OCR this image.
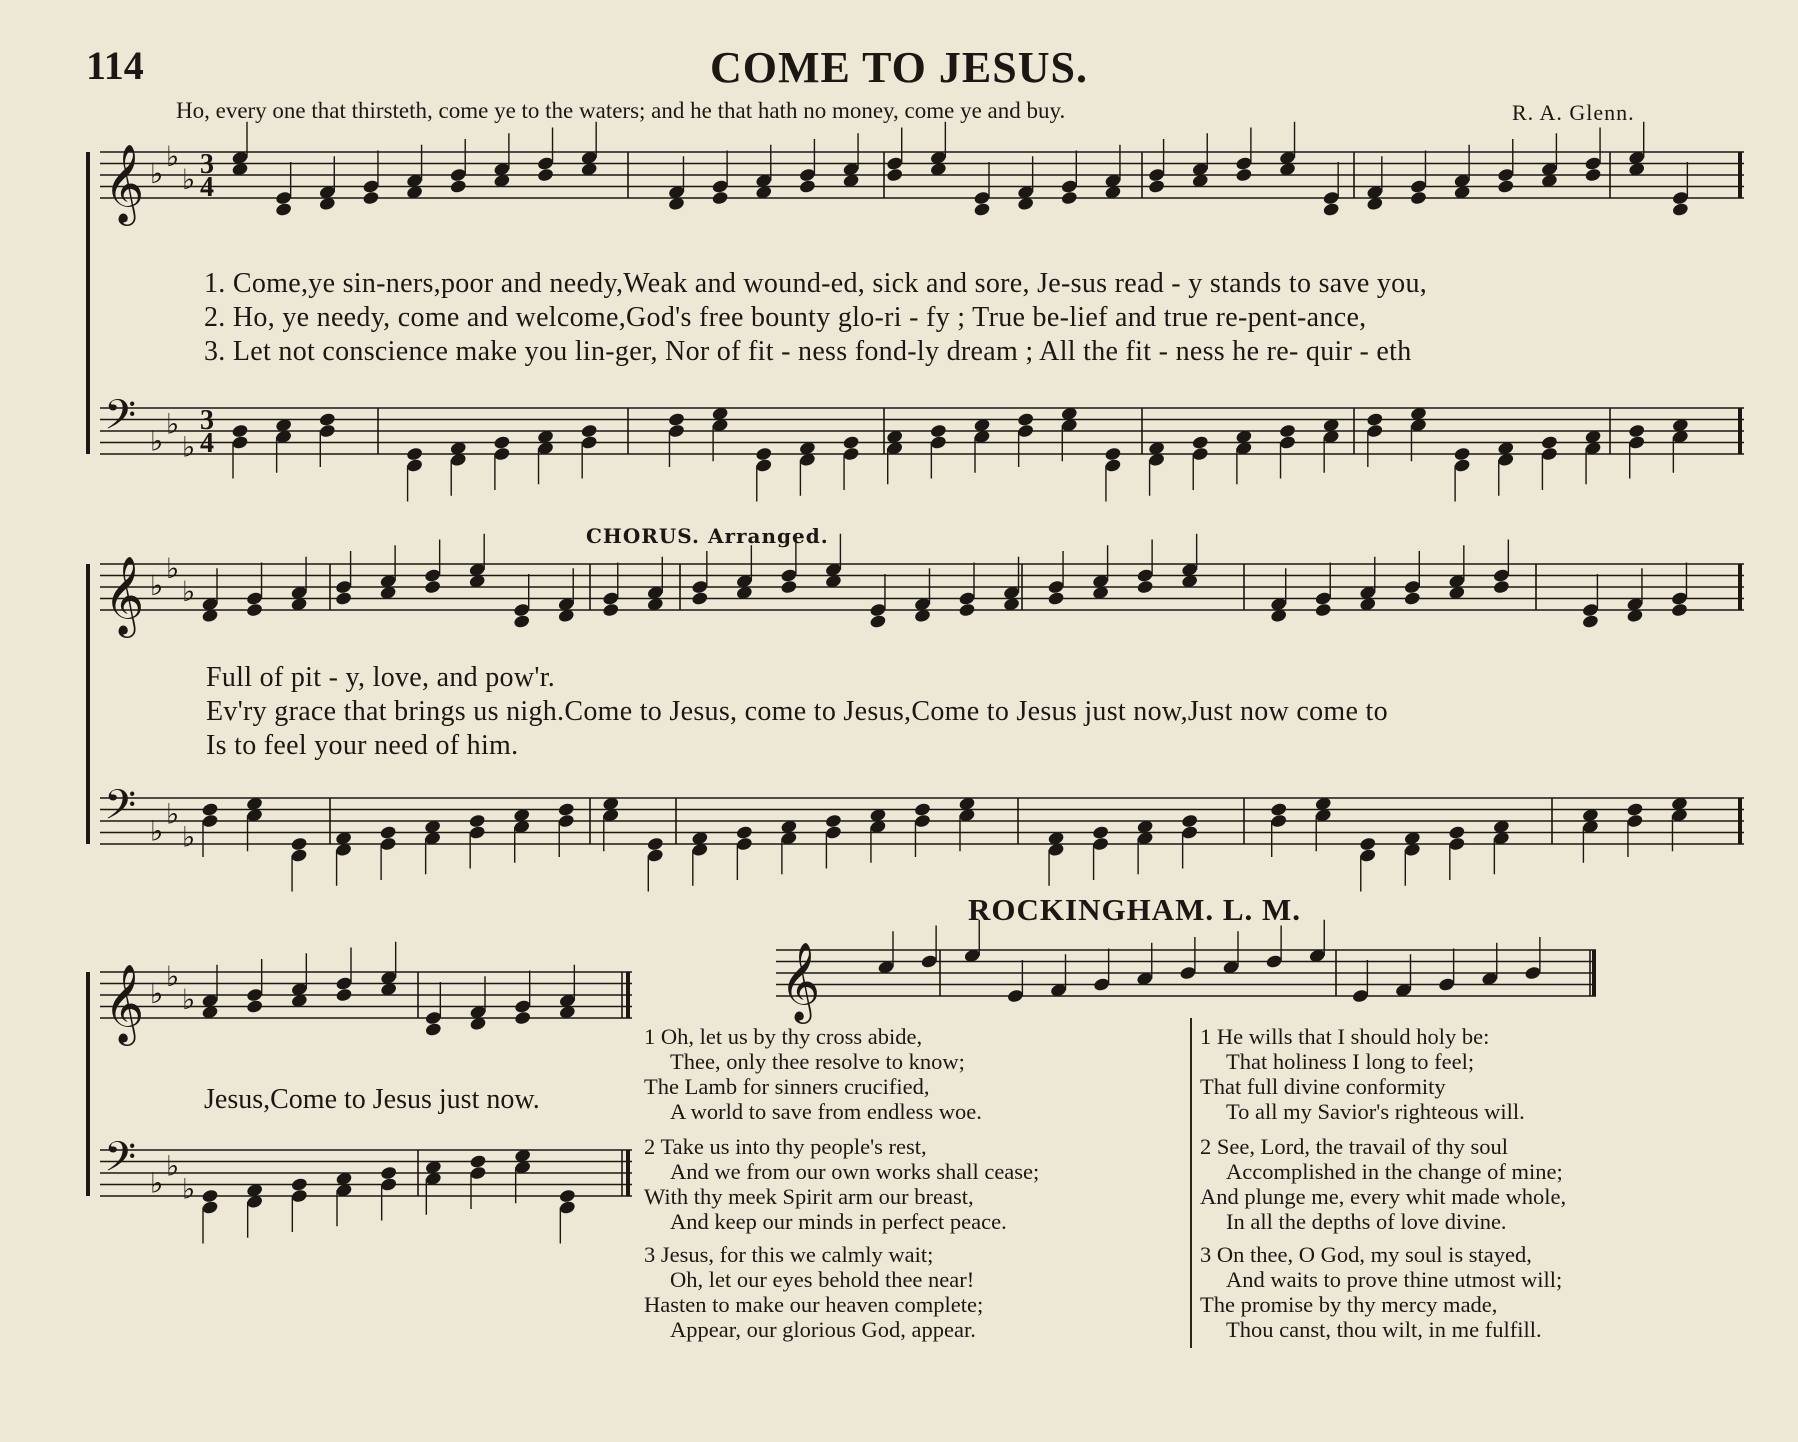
114	COME TO JESUS.
Ho, every one that thirsteth, come ye to the waters; and he that hath no money, come ye and buy.	R. A. Glenn.
𝄞 ♭
♭
♭ 3
4
𝄢 ♭
♭
♭
3
4
𝄞 ♭
♭
♭
𝄢 ♭
♭
♭
𝄞 ♭
♭
♭
𝄢 ♭
♭
♭
𝄞
1. Come,ye sin-ners,poor and needy,Weak and wound-ed, sick and sore, Je-sus read - y stands to save you,
2. Ho, ye needy, come and welcome,God's free bounty glo-ri - fy ; True be-lief and true re-pent-ance,
3. Let not conscience make you lin-ger, Nor of fit - ness fond-ly dream ; All the fit - ness he re- quir - eth
CHORUS. Arranged.
Full of pit - y, love, and pow'r.
Ev'ry grace that brings us nigh.Come to Jesus, come to Jesus,Come to Jesus just now,Just now come to
Is to feel your need of him.
Jesus,Come to Jesus just now.
ROCKINGHAM. L. M.
1 Oh, let us by thy cross abide,
Thee, only thee resolve to know;
The Lamb for sinners crucified,
A world to save from endless woe.
2 Take us into thy people's rest,
And we from our own works shall cease;
With thy meek Spirit arm our breast,
And keep our minds in perfect peace.
3 Jesus, for this we calmly wait;
Oh, let our eyes behold thee near!
Hasten to make our heaven complete;
Appear, our glorious God, appear.
1 He wills that I should holy be:
That holiness I long to feel;
That full divine conformity
To all my Savior's righteous will.
2 See, Lord, the travail of thy soul
Accomplished in the change of mine;
And plunge me, every whit made whole,
In all the depths of love divine.
3 On thee, O God, my soul is stayed,
And waits to prove thine utmost will;
The promise by thy mercy made,
Thou canst, thou wilt, in me fulfill.
